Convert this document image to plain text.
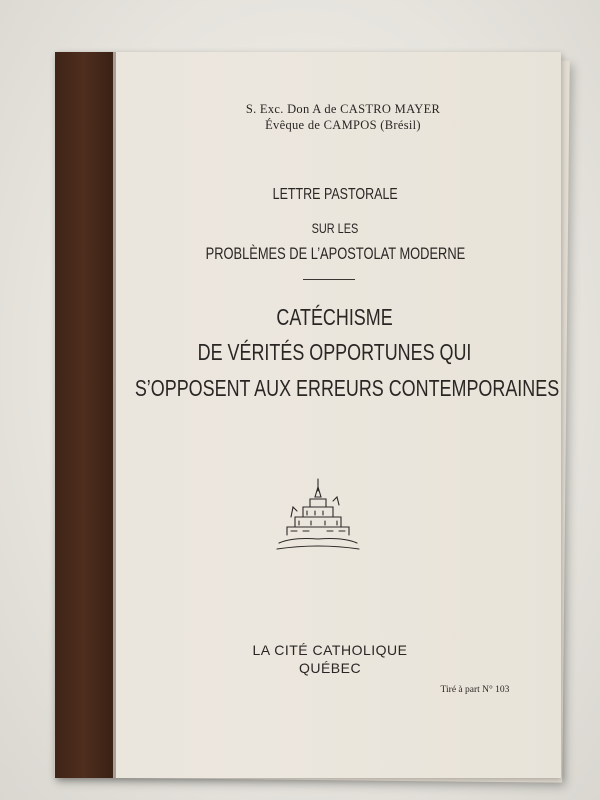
S. Exc. Don A de CASTRO MAYER
Évêque de CAMPOS (Brésil)
LETTRE PASTORALE
SUR LES
PROBLÈMES DE L’APOSTOLAT MODERNE
CATÉCHISME
DE VÉRITÉS OPPORTUNES QUI
S’OPPOSENT AUX ERREURS CONTEMPORAINES
LA CITÉ CATHOLIQUE
QUÉBEC
Tiré à part N° 103
